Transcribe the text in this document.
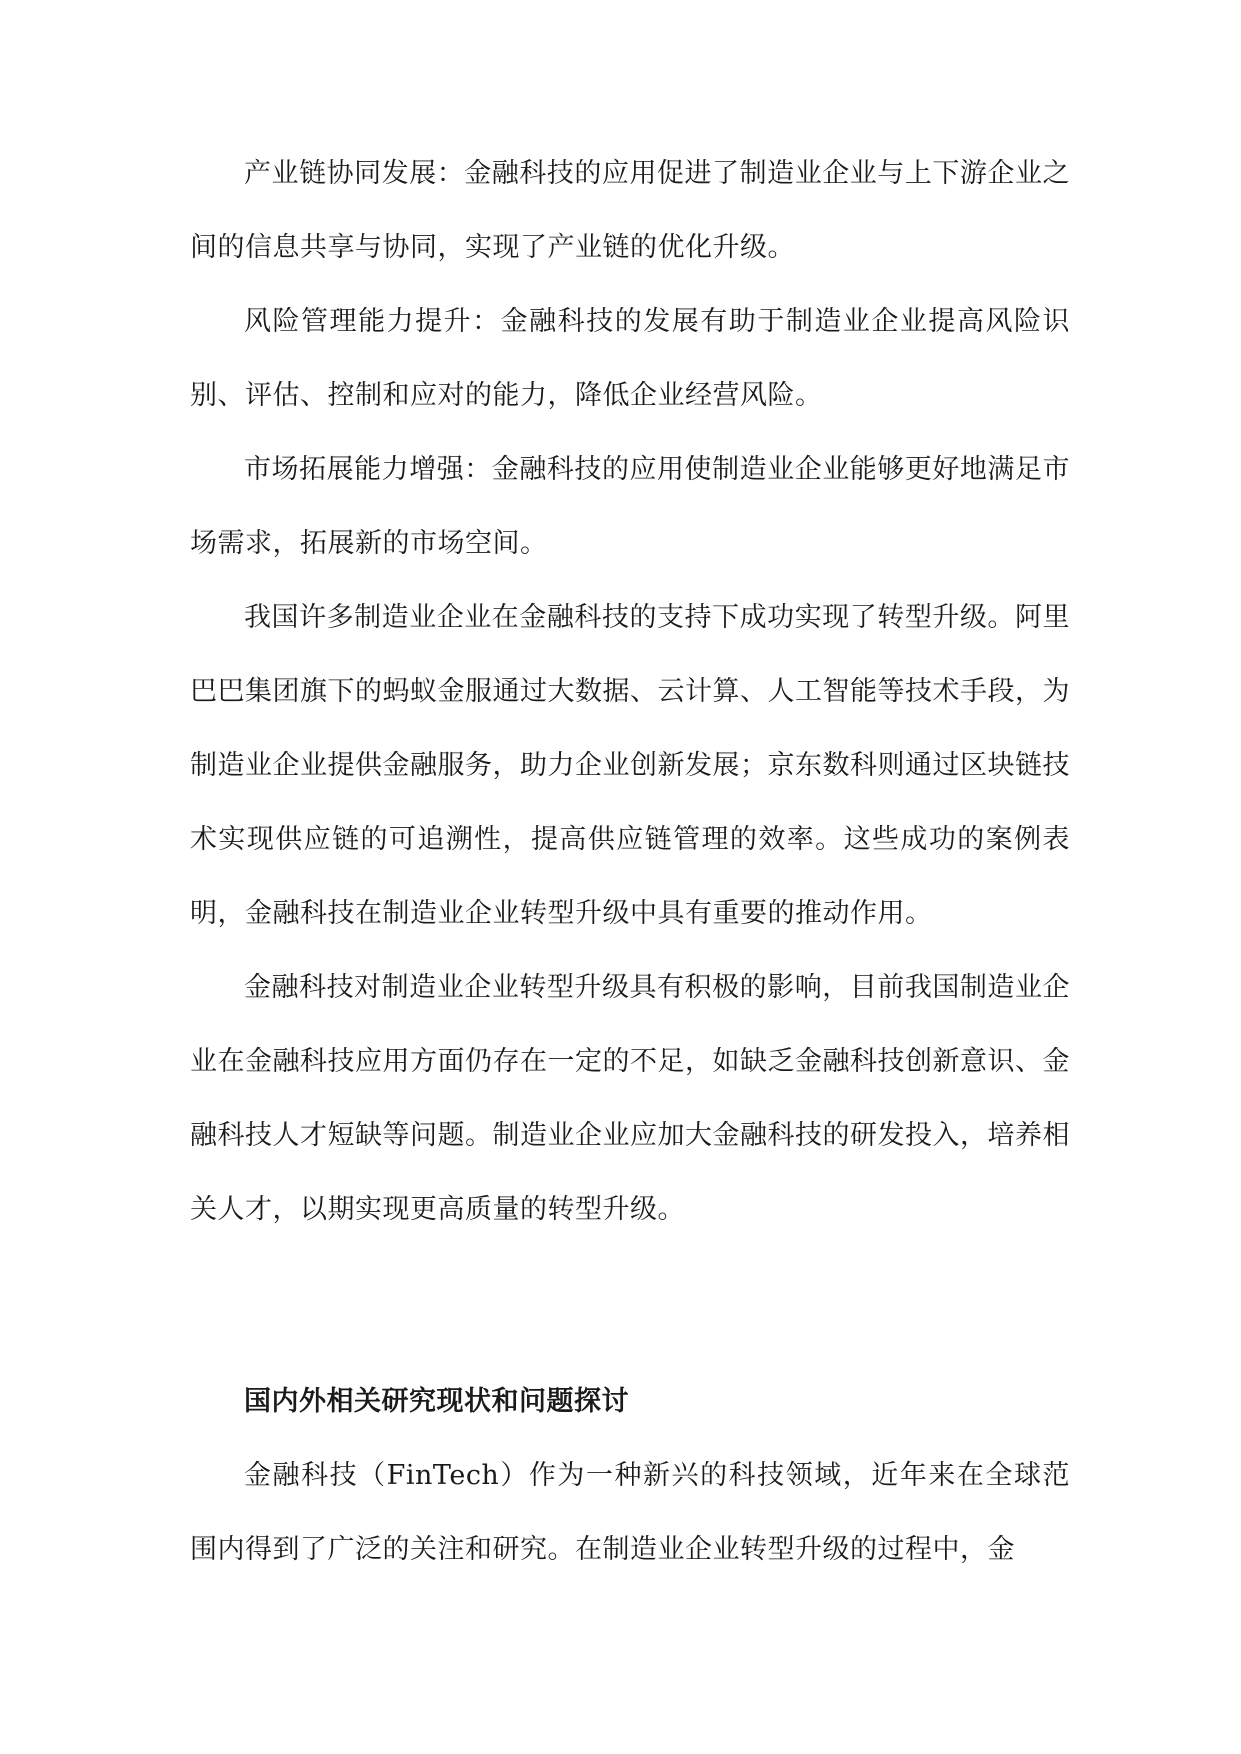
产业链协同发展：金融科技的应用促进了制造业企业与上下游企业之间的信息共享与协同，实现了产业链的优化升级。

风险管理能力提升：金融科技的发展有助于制造业企业提高风险识别、评估、控制和应对的能力，降低企业经营风险。

市场拓展能力增强：金融科技的应用使制造业企业能够更好地满足市场需求，拓展新的市场空间。

我国许多制造业企业在金融科技的支持下成功实现了转型升级。阿里巴巴集团旗下的蚂蚁金服通过大数据、云计算、人工智能等技术手段，为制造业企业提供金融服务，助力企业创新发展；京东数科则通过区块链技术实现供应链的可追溯性，提高供应链管理的效率。这些成功的案例表明，金融科技在制造业企业转型升级中具有重要的推动作用。

金融科技对制造业企业转型升级具有积极的影响，目前我国制造业企业在金融科技应用方面仍存在一定的不足，如缺乏金融科技创新意识、金融科技人才短缺等问题。制造业企业应加大金融科技的研发投入，培养相关人才，以期实现更高质量的转型升级。

国内外相关研究现状和问题探讨

金融科技（FinTech）作为一种新兴的科技领域，近年来在全球范围内得到了广泛的关注和研究。在制造业企业转型升级的过程中，金
